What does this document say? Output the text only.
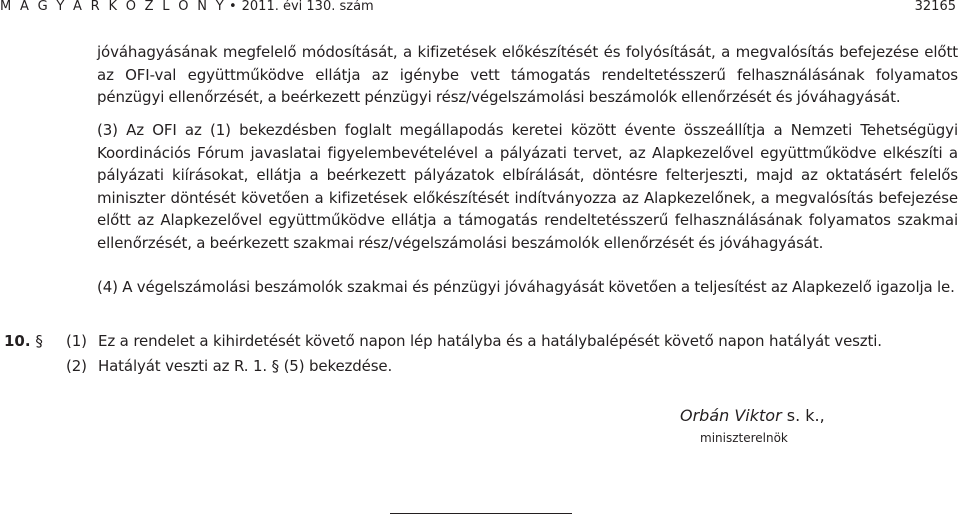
M A G Y A R K Ö Z L Ö N Y • 2011. évi 130. szám	32165

jóváhagyásának megfelelő módosítását, a kifizetések előkészítését és folyósítását, a megvalósítás befejezése előtt az OFI-val együttműködve ellátja az igénybe vett támogatás rendeltetésszerű felhasználásának folyamatos pénzügyi ellenőrzését, a beérkezett pénzügyi rész/végelszámolási beszámolók ellenőrzését és jóváhagyását.

(3) Az OFI az (1) bekezdésben foglalt megállapodás keretei között évente összeállítja a Nemzeti Tehetségügyi Koordinációs Fórum javaslatai figyelembevételével a pályázati tervet, az Alapkezelővel együttműködve elkészíti a pályázati kiírásokat, ellátja a beérkezett pályázatok elbírálását, döntésre felterjeszti, majd az oktatásért felelős miniszter döntését követően a kifizetések előkészítését indítványozza az Alapkezelőnek, a megvalósítás befejezése előtt az Alapkezelővel együttműködve ellátja a támogatás rendeltetésszerű felhasználásának folyamatos szakmai ellenőrzését, a beérkezett szakmai rész/végelszámolási beszámolók ellenőrzését és jóváhagyását.

(4) A végelszámolási beszámolók szakmai és pénzügyi jóváhagyását követően a teljesítést az Alapkezelő igazolja le.

10. § (1) Ez a rendelet a kihirdetését követő napon lép hatályba és a hatálybalépését követő napon hatályát veszti.
(2) Hatályát veszti az R. 1. § (5) bekezdése.
Orbán Viktor s. k.,
miniszterelnök
